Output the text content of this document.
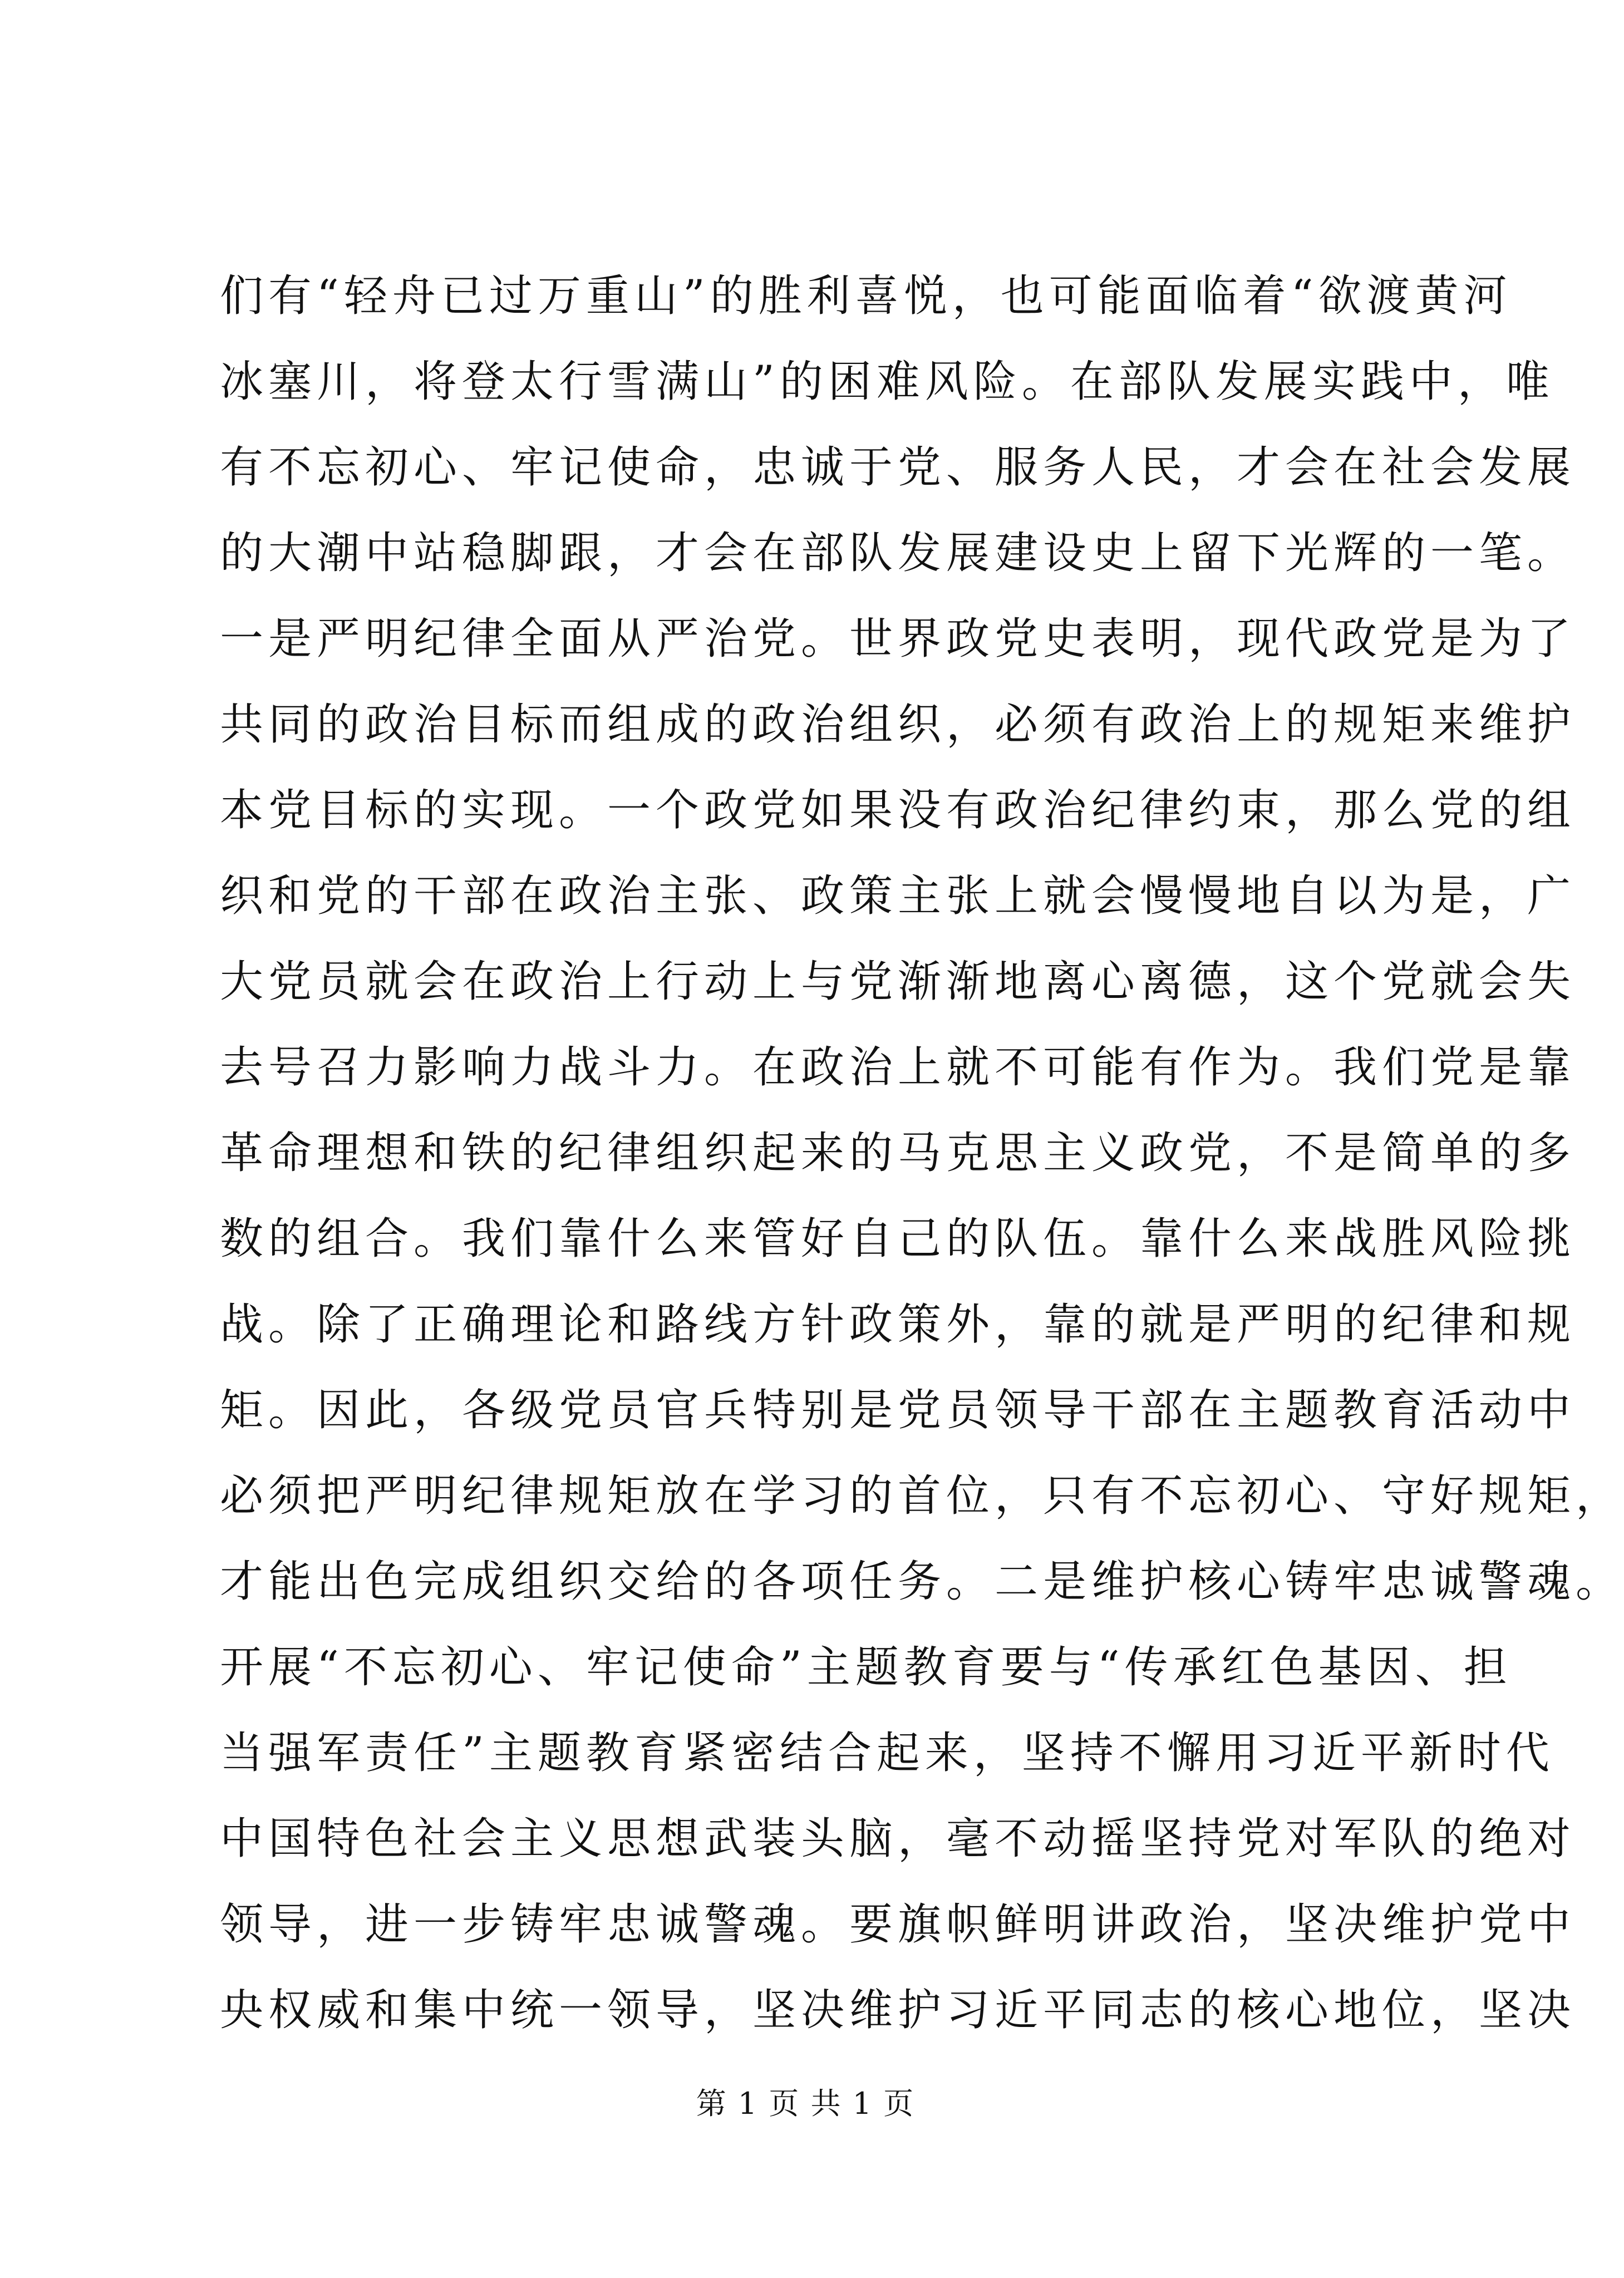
们有“轻舟已过万重山”的胜利喜悦，也可能面临着“欲渡黄河
冰塞川，将登太行雪满山”的困难风险。在部队发展实践中，唯
有不忘初心、牢记使命，忠诚于党、服务人民，才会在社会发展
的大潮中站稳脚跟，才会在部队发展建设史上留下光辉的一笔。
一是严明纪律全面从严治党。世界政党史表明，现代政党是为了
共同的政治目标而组成的政治组织，必须有政治上的规矩来维护
本党目标的实现。一个政党如果没有政治纪律约束，那么党的组
织和党的干部在政治主张、政策主张上就会慢慢地自以为是，广
大党员就会在政治上行动上与党渐渐地离心离德，这个党就会失
去号召力影响力战斗力。在政治上就不可能有作为。我们党是靠
革命理想和铁的纪律组织起来的马克思主义政党，不是简单的多
数的组合。我们靠什么来管好自己的队伍。靠什么来战胜风险挑
战。除了正确理论和路线方针政策外，靠的就是严明的纪律和规
矩。因此，各级党员官兵特别是党员领导干部在主题教育活动中
必须把严明纪律规矩放在学习的首位，只有不忘初心、守好规矩，
才能出色完成组织交给的各项任务。二是维护核心铸牢忠诚警魂。
开展“不忘初心、牢记使命”主题教育要与“传承红色基因、担
当强军责任”主题教育紧密结合起来，坚持不懈用习近平新时代
中国特色社会主义思想武装头脑，毫不动摇坚持党对军队的绝对
领导，进一步铸牢忠诚警魂。要旗帜鲜明讲政治，坚决维护党中
央权威和集中统一领导，坚决维护习近平同志的核心地位，坚决
第 1 页 共 1 页
